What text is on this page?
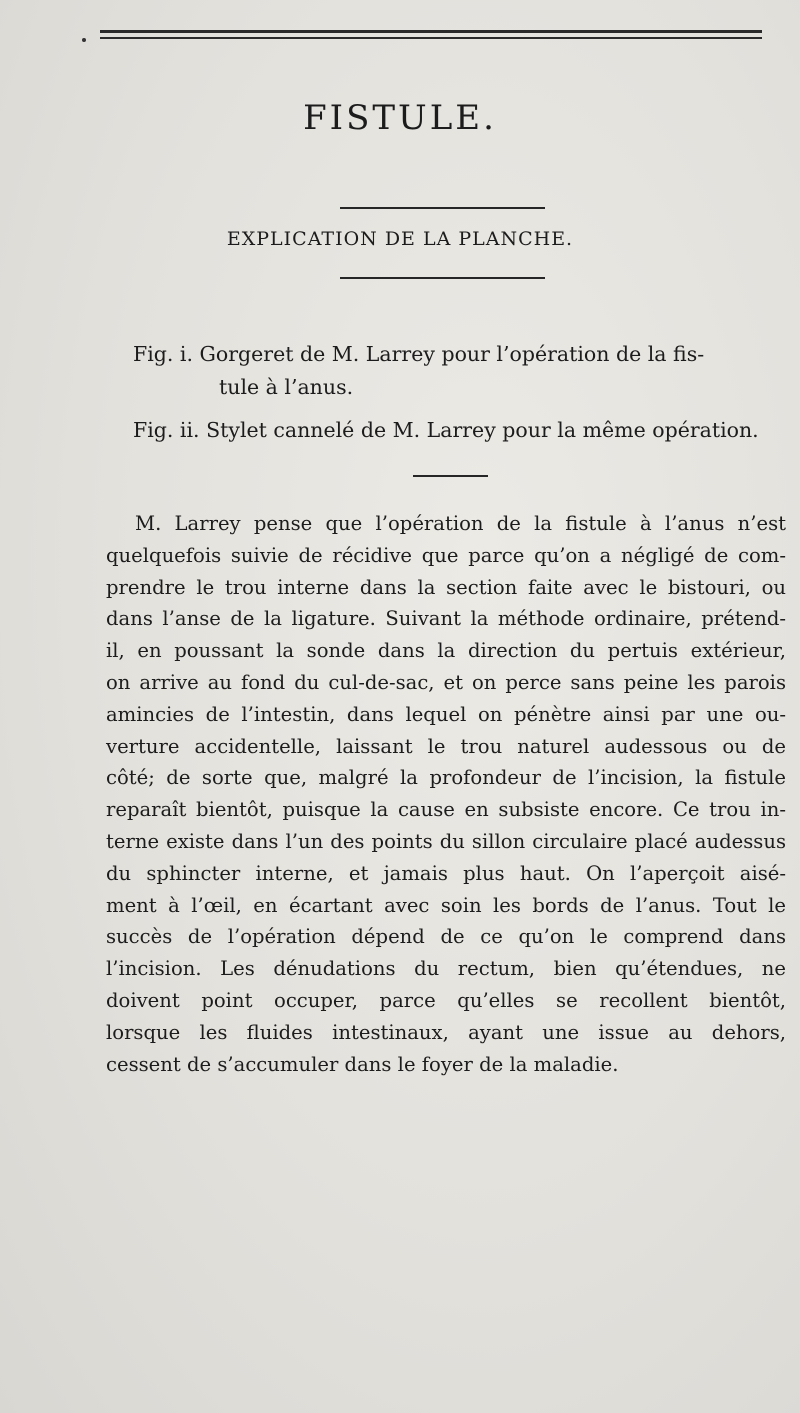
FISTULE.
EXPLICATION DE LA PLANCHE.
Fig. i. Gorgeret de M. Larrey pour l’opération de la fis-
tule à l’anus.
Fig. ii. Stylet cannelé de M. Larrey pour la même opération.
M. Larrey pense que l’opération de la fistule à l’anus n’est
quelquefois suivie de récidive que parce qu’on a négligé de com-
prendre le trou interne dans la section faite avec le bistouri, ou
dans l’anse de la ligature. Suivant la méthode ordinaire, prétend-
il, en poussant la sonde dans la direction du pertuis extérieur,
on arrive au fond du cul-de-sac, et on perce sans peine les parois
amincies de l’intestin, dans lequel on pénètre ainsi par une ou-
verture accidentelle, laissant le trou naturel audessous ou de
côté; de sorte que, malgré la profondeur de l’incision, la fistule
reparaît bientôt, puisque la cause en subsiste encore. Ce trou in-
terne existe dans l’un des points du sillon circulaire placé audessus
du sphincter interne, et jamais plus haut. On l’aperçoit aisé-
ment à l’œil, en écartant avec soin les bords de l’anus. Tout le
succès de l’opération dépend de ce qu’on le comprend dans
l’incision. Les dénudations du rectum, bien qu’étendues, ne
doivent point occuper, parce qu’elles se recollent bientôt,
lorsque les fluides intestinaux, ayant une issue au dehors,
cessent de s’accumuler dans le foyer de la maladie.
